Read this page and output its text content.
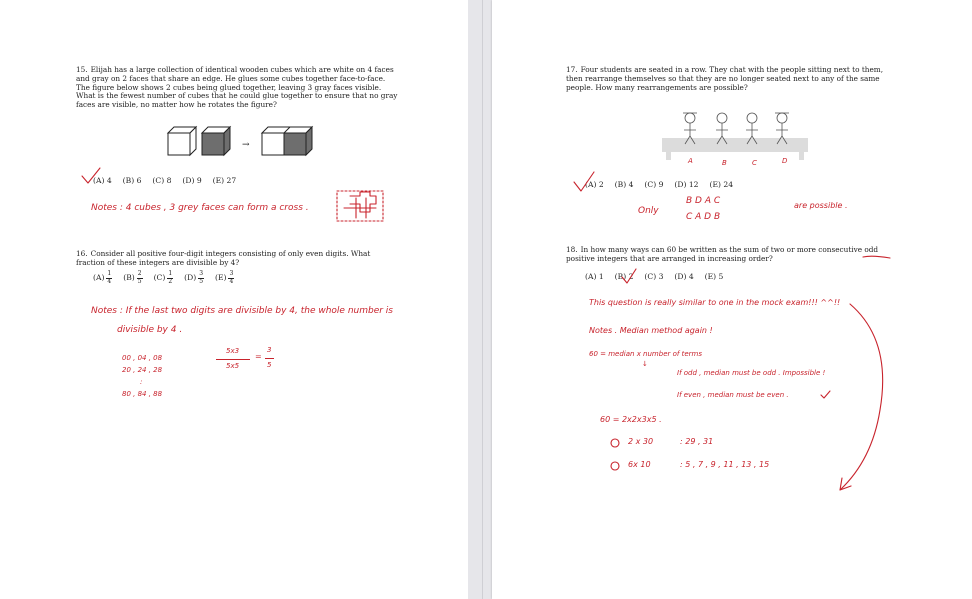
15. Elijah has a large collection of identical wooden cubes which are white on 4 faces and gray on 2 faces that share an edge. He glues some cubes together face-to-face. The figure below shows 2 cubes being glued together, leaving 3 gray faces visible. What is the fewest number of cubes that he could glue together to ensure that no gray faces are visible, no matter how he rotates the figure?
→
(A) 4 (B) 6 (C) 8 (D) 9 (E) 27
Notes : 4 cubes , 3 grey faces can form a cross .
16. Consider all positive four-digit integers consisting of only even digits. What fraction of these integers are divisible by 4?
$(A) \frac{1}{4} (B) \frac{2}{5} (C) \frac{1}{2} (D) \frac{3}{5} (E) \frac{3}{4}$
Notes : If the last two digits are divisible by 4, the whole number is
divisible by 4 .
00 , 04 , 08
20 , 24 , 28
:
80 , 84 , 88
5x3
5x5
=
3
5
17. Four students are seated in a row. They chat with the people sitting next to them, then rearrange themselves so that they are no longer seated next to any of the same people. How many rearrangements are possible?
A	B	C	D
(A) 2 (B) 4 (C) 9 (D) 12 (E) 24
Only
B D A C
C A D B
are possible .
18. In how many ways can 60 be written as the sum of two or more consecutive odd positive integers that are arranged in increasing order?
(A) 1 (B) 2 (C) 3 (D) 4 (E) 5
This question is really similar to one in the mock exam!!! ^^!!
Notes . Median method again !
60 = median x number of terms
↓
If odd , median must be odd . Impossible !
If even , median must be even .
60 = 2x2x3x5 .
2 x 30	: 29 , 31
6x 10	: 5 , 7 , 9 , 11 , 13 , 15
